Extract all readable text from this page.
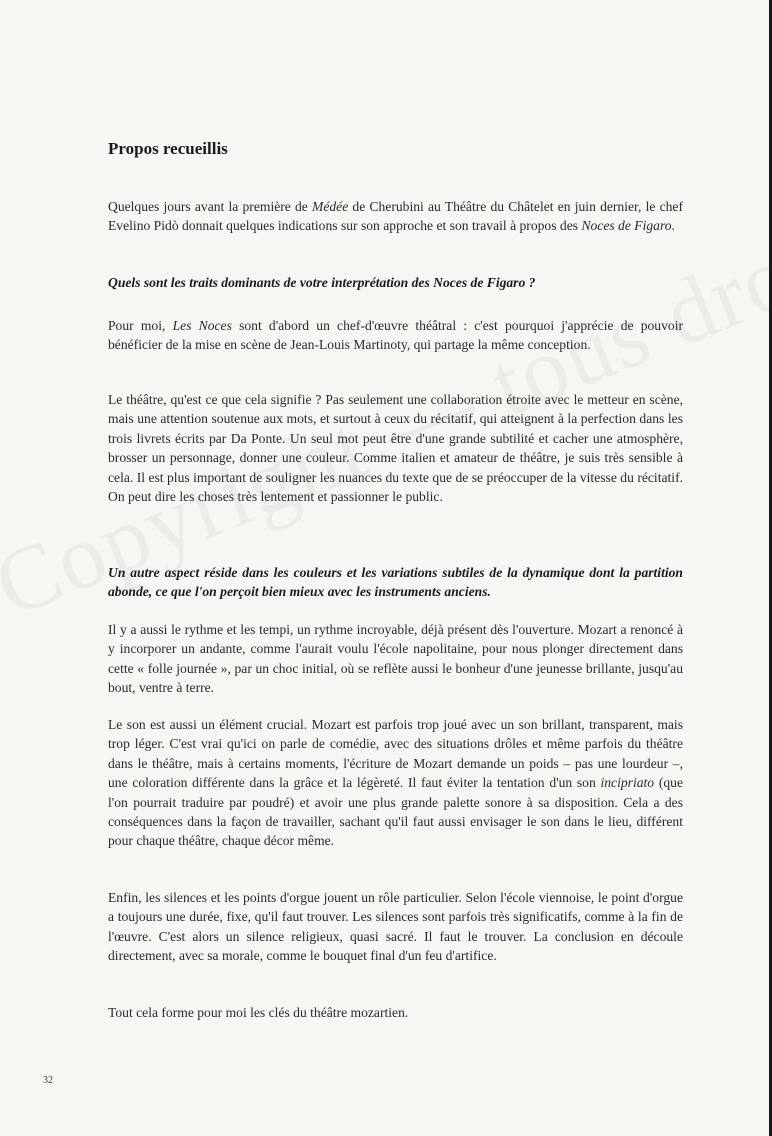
Propos recueillis

Quelques jours avant la première de Médée de Cherubini au Théâtre du Châtelet en juin dernier, le chef Evelino Pidò donnait quelques indications sur son approche et son travail à propos des Noces de Figaro.

Quels sont les traits dominants de votre interprétation des Noces de Figaro ?

Pour moi, Les Noces sont d'abord un chef-d'œuvre théâtral : c'est pourquoi j'apprécie de pouvoir bénéficier de la mise en scène de Jean-Louis Martinoty, qui partage la même conception.

Le théâtre, qu'est ce que cela signifie ? Pas seulement une collaboration étroite avec le metteur en scène, mais une attention soutenue aux mots, et surtout à ceux du récitatif, qui atteignent à la perfection dans les trois livrets écrits par Da Ponte. Un seul mot peut être d'une grande subtilité et cacher une atmosphère, brosser un personnage, donner une couleur. Comme italien et amateur de théâtre, je suis très sensible à cela. Il est plus important de souligner les nuances du texte que de se préoccuper de la vitesse du récitatif. On peut dire les choses très lentement et passionner le public.

Un autre aspect réside dans les couleurs et les variations subtiles de la dynamique dont la partition abonde, ce que l'on perçoit bien mieux avec les instruments anciens.

Il y a aussi le rythme et les tempi, un rythme incroyable, déjà présent dès l'ouverture. Mozart a renoncé à y incorporer un andante, comme l'aurait voulu l'école napolitaine, pour nous plonger directement dans cette « folle journée », par un choc initial, où se reflète aussi le bonheur d'une jeunesse brillante, jusqu'au bout, ventre à terre.

Le son est aussi un élément crucial. Mozart est parfois trop joué avec un son brillant, transparent, mais trop léger. C'est vrai qu'ici on parle de comédie, avec des situations drôles et même parfois du théâtre dans le théâtre, mais à certains moments, l'écriture de Mozart demande un poids – pas une lourdeur –, une coloration différente dans la grâce et la légèreté. Il faut éviter la tentation d'un son incipriato (que l'on pourrait traduire par poudré) et avoir une plus grande palette sonore à sa disposition. Cela a des conséquences dans la façon de travailler, sachant qu'il faut aussi envisager le son dans le lieu, différent pour chaque théâtre, chaque décor même.

Enfin, les silences et les points d'orgue jouent un rôle particulier. Selon l'école viennoise, le point d'orgue a toujours une durée, fixe, qu'il faut trouver. Les silences sont parfois très significatifs, comme à la fin de l'œuvre. C'est alors un silence religieux, quasi sacré. Il faut le trouver. La conclusion en découle directement, avec sa morale, comme le bouquet final d'un feu d'artifice.

Tout cela forme pour moi les clés du théâtre mozartien.

32
